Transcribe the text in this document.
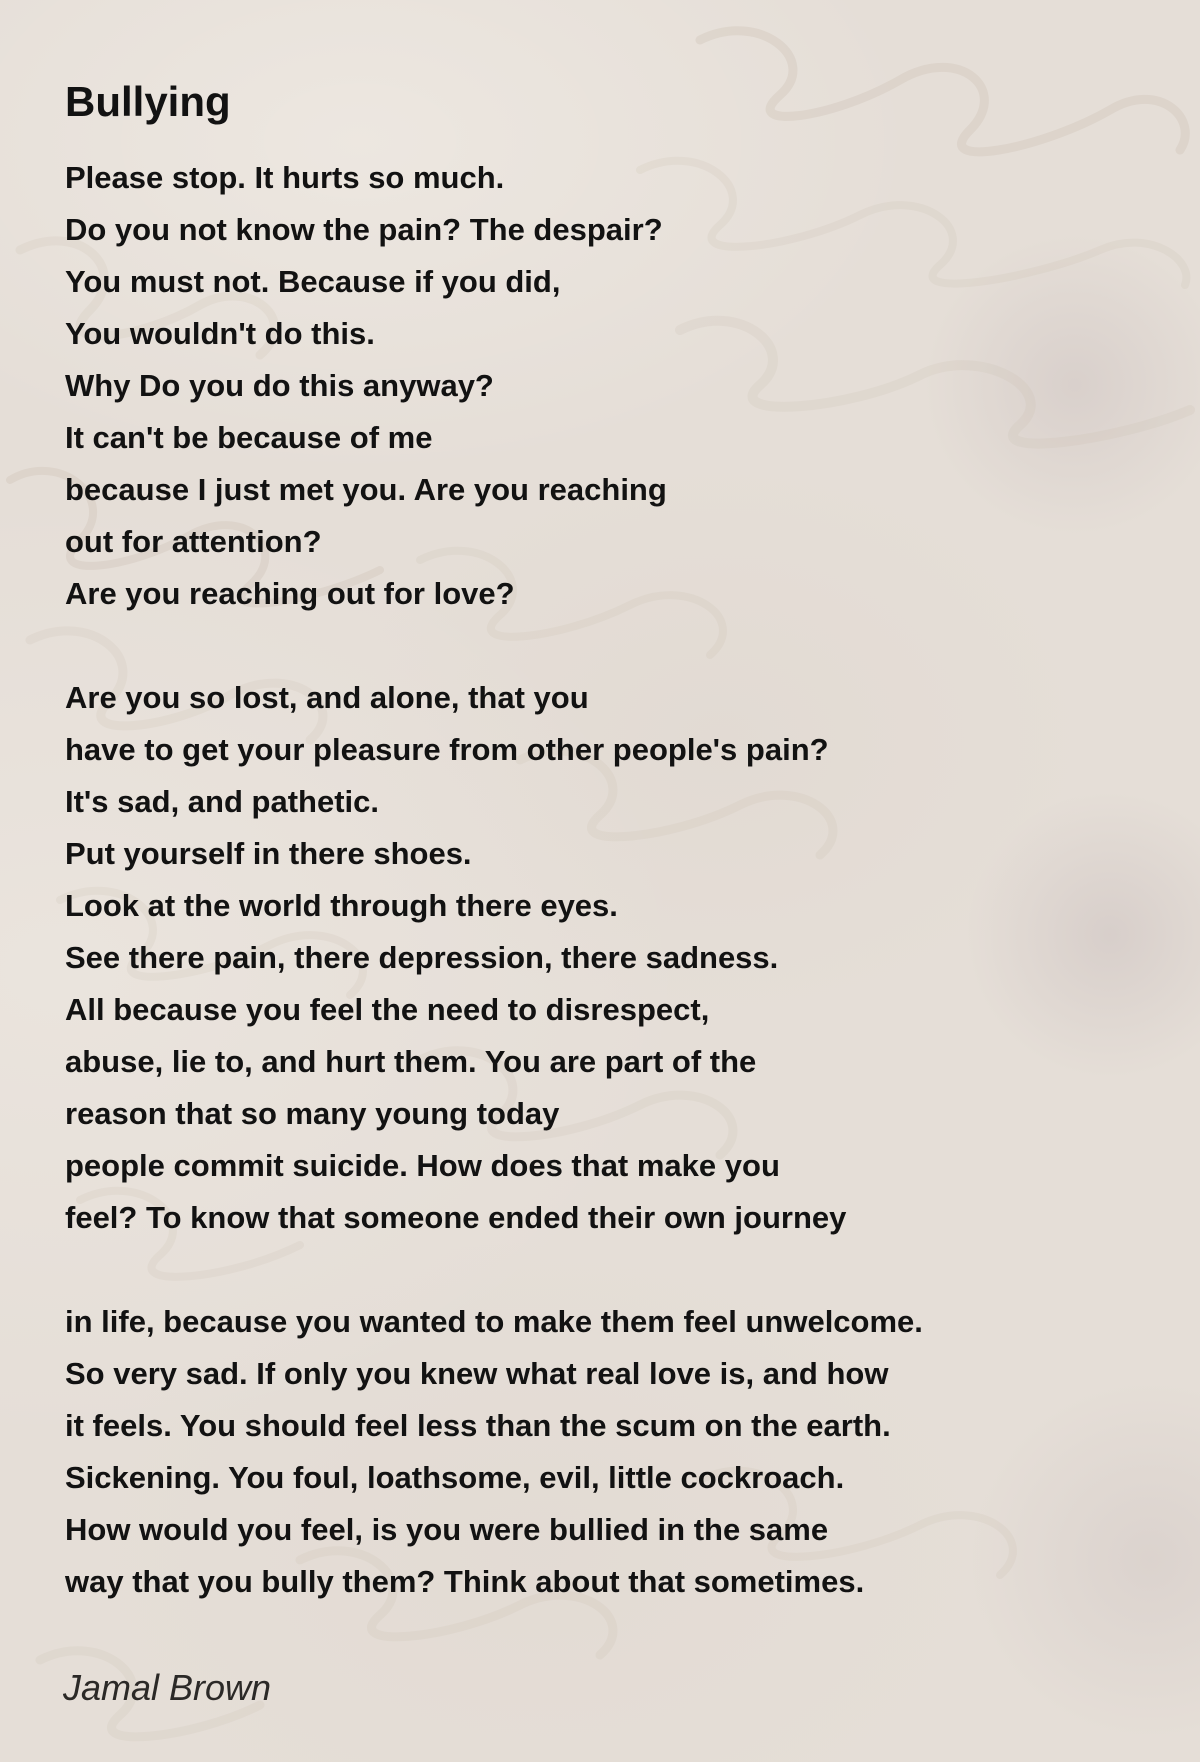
Bullying

Please stop. It hurts so much.

Do you not know the pain? The despair?

You must not. Because if you did,

You wouldn't do this.

Why Do you do this anyway?

It can't be because of me

because I just met you. Are you reaching

out for attention?

Are you reaching out for love?

Are you so lost, and alone, that you

have to get your pleasure from other people's pain?

It's sad, and pathetic.

Put yourself in there shoes.

Look at the world through there eyes.

See there pain, there depression, there sadness.

All because you feel the need to disrespect,

abuse, lie to, and hurt them. You are part of the

reason that so many young today

people commit suicide. How does that make you

feel? To know that someone ended their own journey

in life, because you wanted to make them feel unwelcome.

So very sad. If only you knew what real love is, and how

it feels. You should feel less than the scum on the earth.

Sickening. You foul, loathsome, evil, little cockroach.

How would you feel, is you were bullied in the same

way that you bully them? Think about that sometimes.

Jamal Brown
